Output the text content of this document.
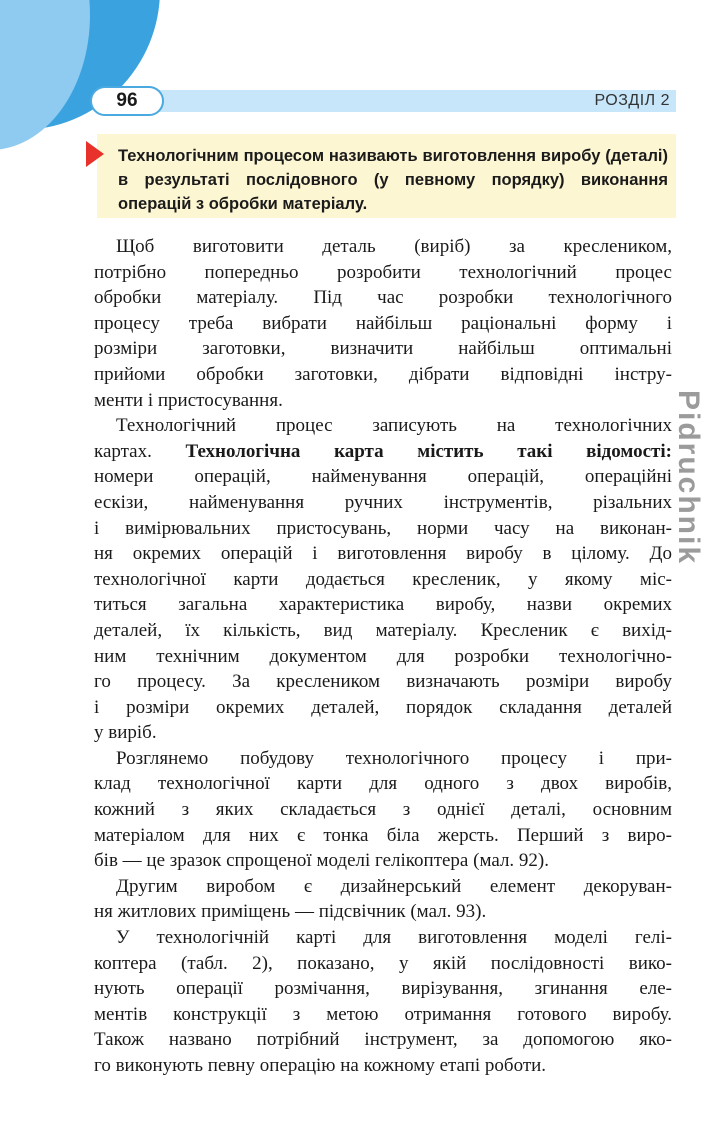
96	РОЗДІЛ 2
Технологічним процесом називають виготовлення виробу (деталі) в результаті послідовного (у певному порядку) виконання операцій з обробки матеріалу.
Pidruchnik

Щоб виготовити деталь (виріб) за креслеником,
потрібно попередньо розробити технологічний процес
обробки матеріалу. Під час розробки технологічного
процесу треба вибрати найбільш раціональні форму і
розміри заготовки, визначити найбільш оптимальні
прийоми обробки заготовки, дібрати відповідні інстру-
менти і пристосування.

Технологічний процес записують на технологічних
картах. Технологічна карта містить такі відомості:
номери операцій, найменування операцій, операційні
ескізи, найменування ручних інструментів, різальних
і вимірювальних пристосувань, норми часу на виконан-
ня окремих операцій і виготовлення виробу в цілому. До
технологічної карти додається кресленик, у якому міс-
титься загальна характеристика виробу, назви окремих
деталей, їх кількість, вид матеріалу. Кресленик є вихід-
ним технічним документом для розробки технологічно-
го процесу. За креслеником визначають розміри виробу
і розміри окремих деталей, порядок складання деталей
у виріб.

Розглянемо побудову технологічного процесу і при-
клад технологічної карти для одного з двох виробів,
кожний з яких складається з однієї деталі, основним
матеріалом для них є тонка біла жерсть. Перший з виро-
бів — це зразок спрощеної моделі гелікоптера (мал. 92).

Другим виробом є дизайнерський елемент декоруван-
ня житлових приміщень — підсвічник (мал. 93).

У технологічній карті для виготовлення моделі гелі-
коптера (табл. 2), показано, у якій послідовності вико-
нують операції розмічання, вирізування, згинання еле-
ментів конструкції з метою отримання готового виробу.
Також названо потрібний інструмент, за допомогою яко-
го виконують певну операцію на кожному етапі роботи.
